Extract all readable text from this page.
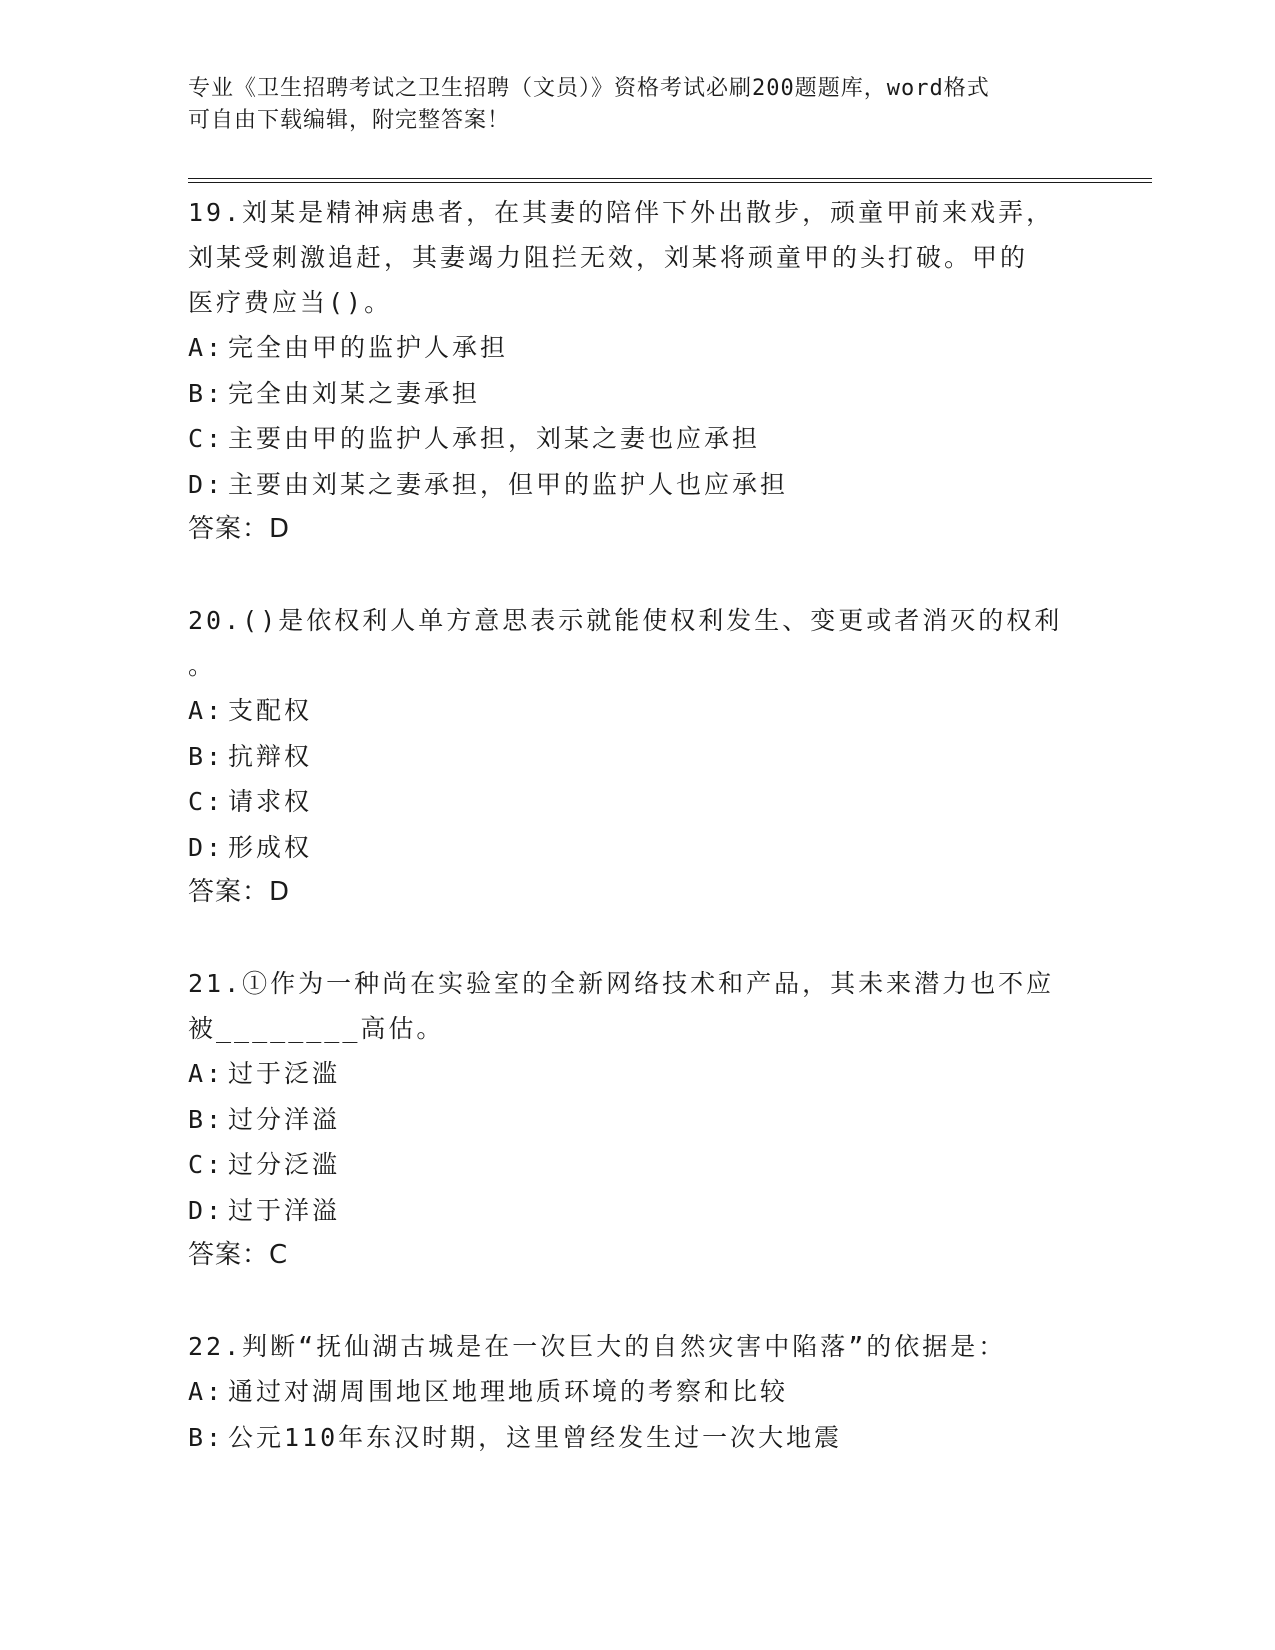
专业《卫生招聘考试之卫生招聘（文员）》资格考试必刷200题题库，word格式
可自由下载编辑，附完整答案！
19.刘某是精神病患者，在其妻的陪伴下外出散步，顽童甲前来戏弄，
刘某受刺激追赶，其妻竭力阻拦无效，刘某将顽童甲的头打破。甲的
医疗费应当()。
A: 完全由甲的监护人承担
B: 完全由刘某之妻承担
C: 主要由甲的监护人承担，刘某之妻也应承担
D: 主要由刘某之妻承担，但甲的监护人也应承担
答案：D
20.()是依权利人单方意思表示就能使权利发生、变更或者消灭的权利
。
A: 支配权
B: 抗辩权
C: 请求权
D: 形成权
答案：D
21.①作为一种尚在实验室的全新网络技术和产品，其未来潜力也不应
被________高估。
A: 过于泛滥
B: 过分洋溢
C: 过分泛滥
D: 过于洋溢
答案：C
22.判断“抚仙湖古城是在一次巨大的自然灾害中陷落”的依据是：
A: 通过对湖周围地区地理地质环境的考察和比较
B: 公元110年东汉时期，这里曾经发生过一次大地震
